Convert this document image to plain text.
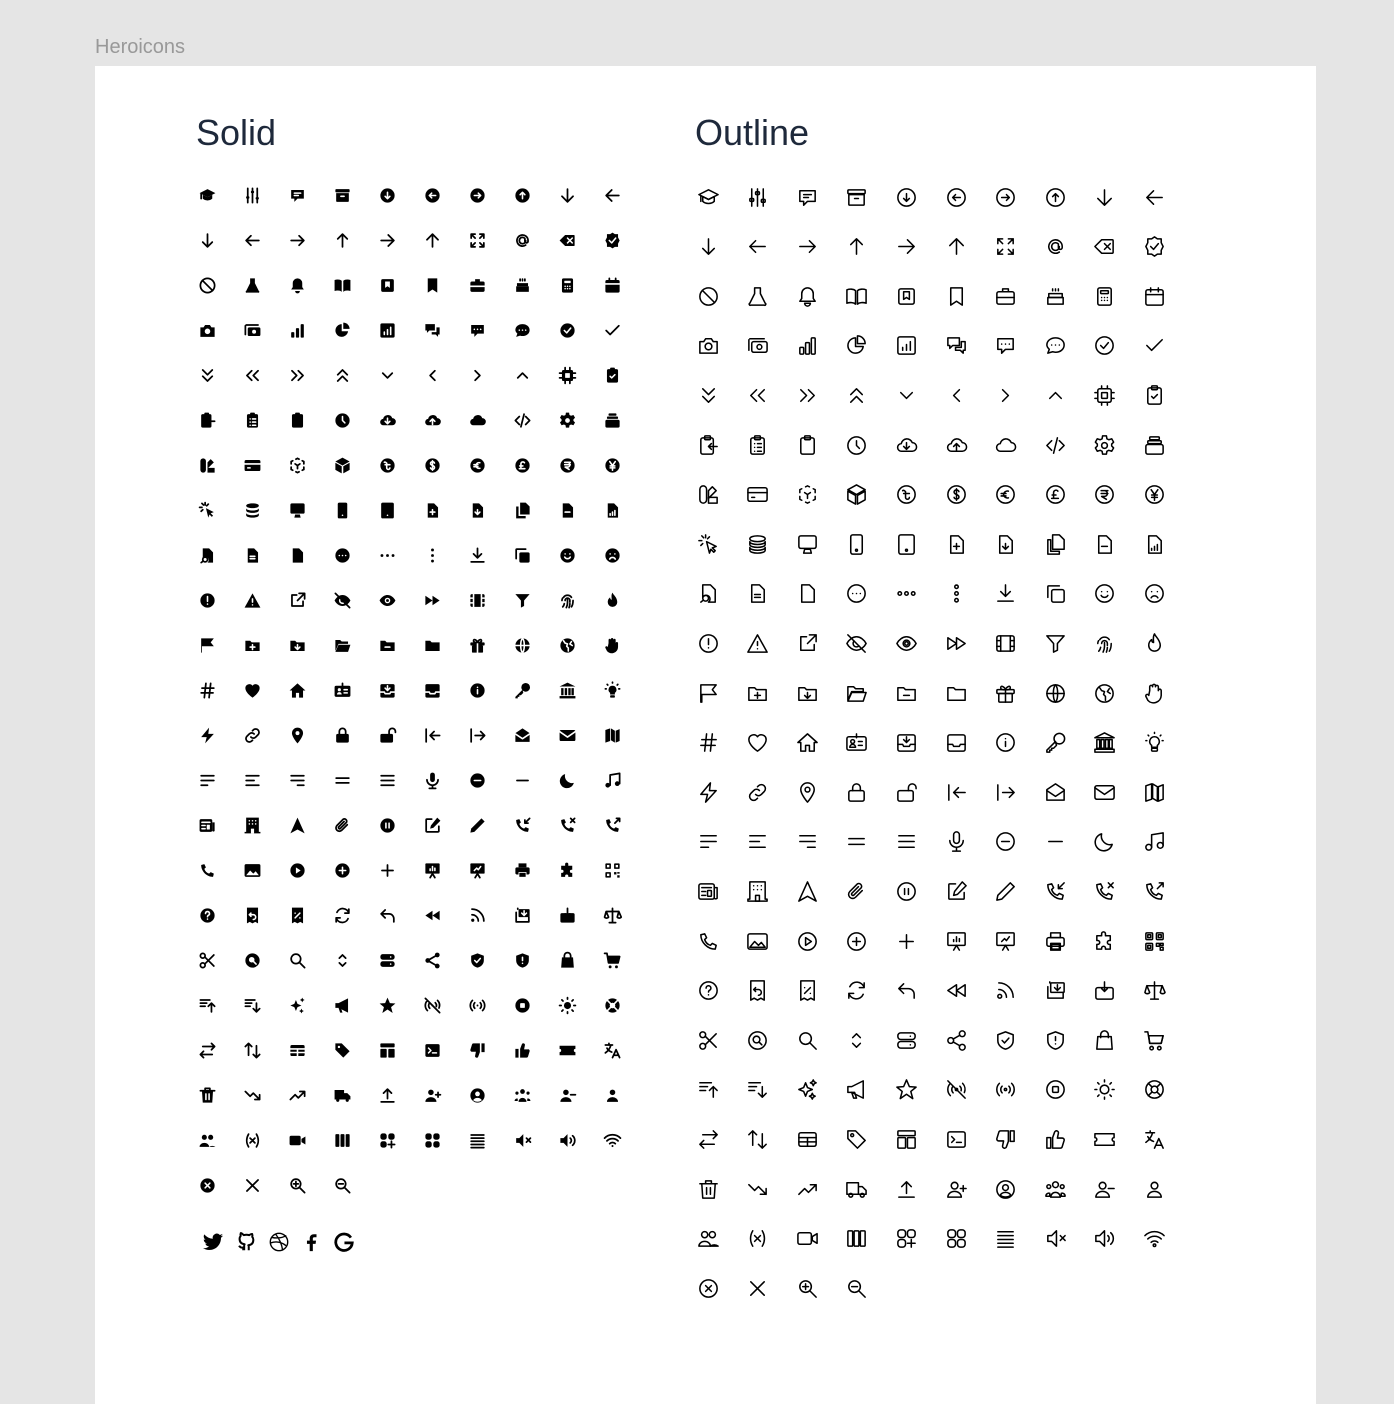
Heroicons
Solid	Outline
